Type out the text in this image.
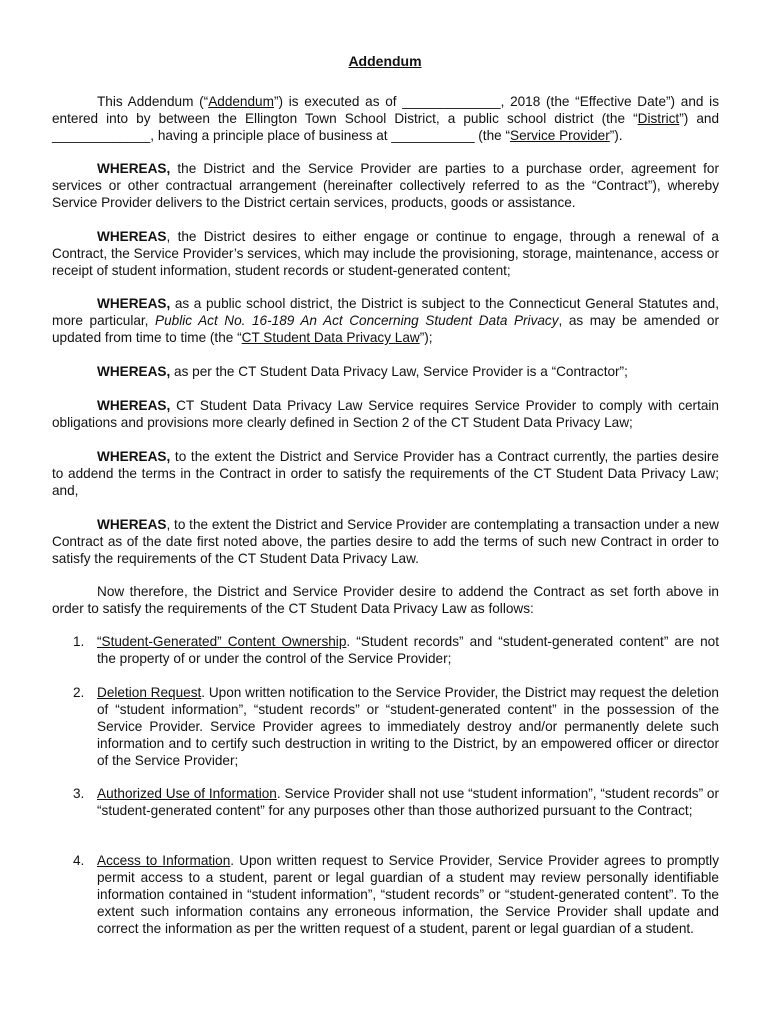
Addendum

This Addendum (“Addendum”) is executed as of _____________, 2018 (the “Effective Date”) and is entered into by between the Ellington Town School District, a public school district (the “District”) and _____________, having a principle place of business at ___________ (the “Service Provider”).

WHEREAS, the District and the Service Provider are parties to a purchase order, agreement for services or other contractual arrangement (hereinafter collectively referred to as the “Contract”), whereby Service Provider delivers to the District certain services, products, goods or assistance.

WHEREAS, the District desires to either engage or continue to engage, through a renewal of a Contract, the Service Provider’s services, which may include the provisioning, storage, maintenance, access or receipt of student information, student records or student-generated content;

WHEREAS, as a public school district, the District is subject to the Connecticut General Statutes and, more particular, Public Act No. 16-189 An Act Concerning Student Data Privacy, as may be amended or updated from time to time (the “CT Student Data Privacy Law”);

WHEREAS, as per the CT Student Data Privacy Law, Service Provider is a “Contractor”;

WHEREAS, CT Student Data Privacy Law Service requires Service Provider to comply with certain obligations and provisions more clearly defined in Section 2 of the CT Student Data Privacy Law;

WHEREAS, to the extent the District and Service Provider has a Contract currently, the parties desire to addend the terms in the Contract in order to satisfy the requirements of the CT Student Data Privacy Law; and,

WHEREAS, to the extent the District and Service Provider are contemplating a transaction under a new Contract as of the date first noted above, the parties desire to add the terms of such new Contract in order to satisfy the requirements of the CT Student Data Privacy Law.

Now therefore, the District and Service Provider desire to addend the Contract as set forth above in order to satisfy the requirements of the CT Student Data Privacy Law as follows:

1. “Student-Generated” Content Ownership. “Student records” and “student-generated content” are not the property of or under the control of the Service Provider;
2. Deletion Request. Upon written notification to the Service Provider, the District may request the deletion of “student information”, “student records” or “student-generated content” in the possession of the Service Provider. Service Provider agrees to immediately destroy and/or permanently delete such information and to certify such destruction in writing to the District, by an empowered officer or director of the Service Provider;
3. Authorized Use of Information. Service Provider shall not use “student information”, “student records” or “student-generated content” for any purposes other than those authorized pursuant to the Contract;
4. Access to Information. Upon written request to Service Provider, Service Provider agrees to promptly permit access to a student, parent or legal guardian of a student may review personally identifiable information contained in “student information”, “student records” or “student-generated content”. To the extent such information contains any erroneous information, the Service Provider shall update and correct the information as per the written request of a student, parent or legal guardian of a student.
